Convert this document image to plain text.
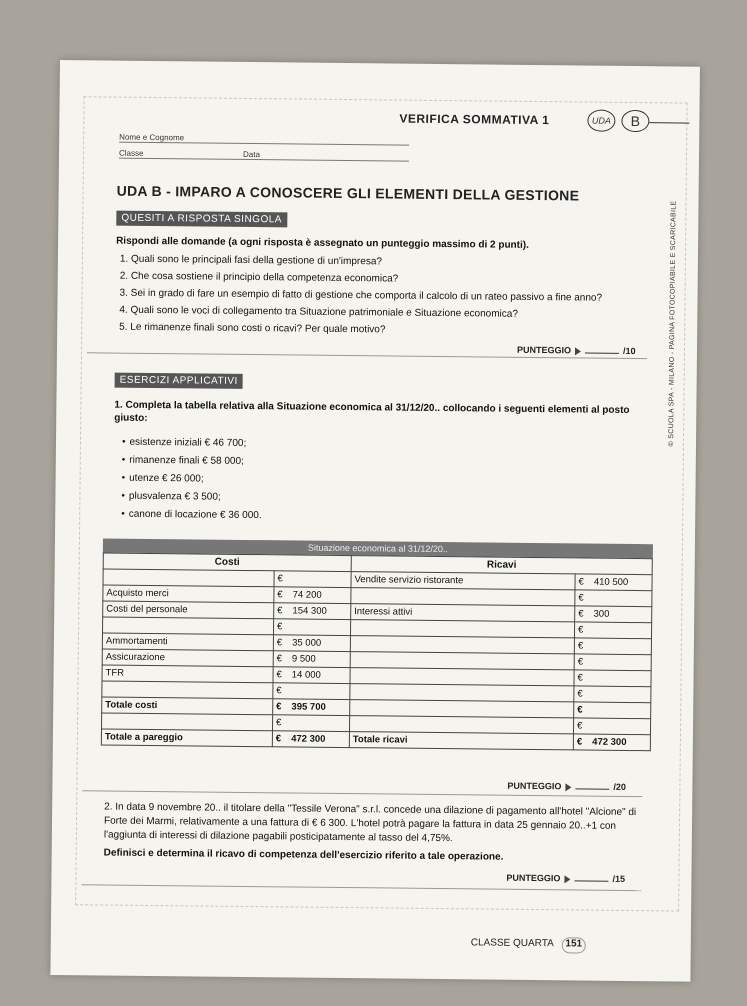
VERIFICA SOMMATIVA 1	UDA	B
Nome e Cognome
Classe	Data
UDA B - IMPARO A CONOSCERE GLI ELEMENTI DELLA GESTIONE
QUESITI A RISPOSTA SINGOLA
Rispondi alle domande (a ogni risposta è assegnato un punteggio massimo di 2 punti).
1. Quali sono le principali fasi della gestione di un'impresa?
2. Che cosa sostiene il principio della competenza economica?
3. Sei in grado di fare un esempio di fatto di gestione che comporta il calcolo di un rateo passivo a fine anno?
4. Quali sono le voci di collegamento tra Situazione patrimoniale e Situazione economica?
5. Le rimanenze finali sono costi o ricavi? Per quale motivo?
PUNTEGGIO	/10
ESERCIZI APPLICATIVI
1. Completa la tabella relativa alla Situazione economica al 31/12/20.. collocando i seguenti elementi al posto giusto:
• esistenze iniziali € 46 700;
• rimanenze finali € 58 000;
• utenze € 26 000;
• plusvalenza € 3 500;
• canone di locazione € 36 000.
Situazione economica al 31/12/20..
Costi		Ricavi	
	€	Vendite servizio ristorante	€ 410 500
Acquisto merci	€ 74 200		€
Costi del personale	€ 154 300	Interessi attivi	€ 300
	€		€
Ammortamenti	€ 35 000		€
Assicurazione	€ 9 500		€
TFR	€ 14 000		€
	€		€
Totale costi	€ 395 700		€
	€		€
Totale a pareggio	€ 472 300	Totale ricavi	€ 472 300
PUNTEGGIO	/20
2. In data 9 novembre 20.. il titolare della "Tessile Verona" s.r.l. concede una dilazione di pagamento all'hotel "Alcione" di Forte dei Marmi, relativamente a una fattura di € 6 300. L'hotel potrà pagare la fattura in data 25 gennaio 20..+1 con l'aggiunta di interessi di dilazione pagabili posticipatamente al tasso del 4,75%.
Definisci e determina il ricavo di competenza dell'esercizio riferito a tale operazione.
PUNTEGGIO	/15
CLASSE QUARTA 151
© SCUOLA SPA - MILANO - PAGINA FOTOCOPIABILE E SCARICABILE
